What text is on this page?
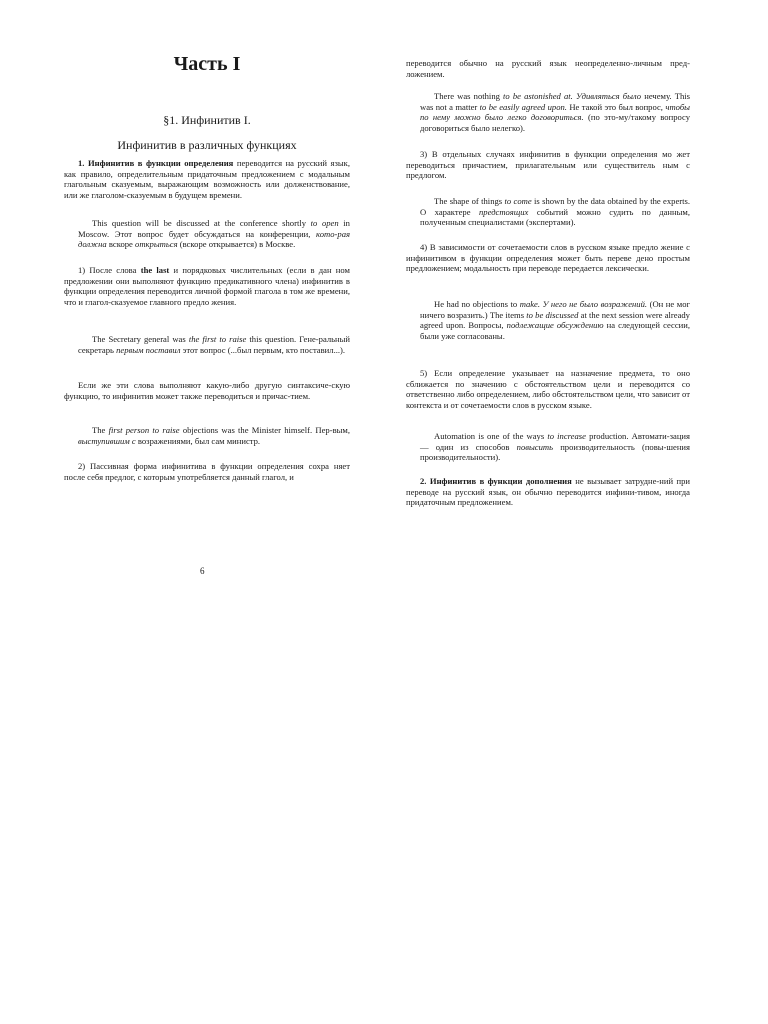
Часть I
§1. Инфинитив I.
Инфинитив в различных функциях

1. Инфинитив в функции определения переводится на русский язык, как правило, определительным придаточным предложением с модальным глагольным сказуемым, выражающим возможность или долженствование, или же глаголом-сказуемым в будущем времени.

This question will be discussed at the conference shortly to open in Moscow. Этот вопрос будет обсуждаться на конференции, кото-рая должна вскоре открыться (вскоре открывается) в Москве.

1) После слова the last и порядковых числительных (если в дан ном предложении они выполняют функцию предикативного члена) инфинитив в функции определения переводится личной формой глагола в том же времени, что и глагол-сказуемое главного предло жения.

The Secretary general was the first to raise this question. Гене-ральный секретарь первым поставил этот вопрос (...был первым, кто поставил...).

Если же эти слова выполняют какую-либо другую синтаксиче-скую функцию, то инфинитив может также переводиться и причас-тием.

The first person to raise objections was the Minister himself. Пер-вым, выступившим с возражениями, был сам министр.

2) Пассивная форма инфинитива в функции определения сохра няет после себя предлог, с которым употребляется данный глагол, и

6

переводится обычно на русский язык неопределенно-личным пред-ложением.

There was nothing to be astonished at. Удивляться было нечему. This was not a matter to be easily agreed upon. Не такой это был вопрос, чтобы по нему можно было легко договориться. (по это-му/такому вопросу договориться было нелегко).

3) В отдельных случаях инфинитив в функции определения мо жет переводиться причастием, прилагательным или существитель ным с предлогом.

The shape of things to come is shown by the data obtained by the experts. О характере предстоящих событий можно судить по данным, полученным специалистами (экспертами).

4) В зависимости от сочетаемости слов в русском языке предло жение с инфинитивом в функции определения может быть переве дено простым предложением; модальность при переводе передается лексически.

He had no objections to make. У него не было возражений. (Он не мог ничего возразить.) The items to be discussed at the next session were already agreed upon. Вопросы, подлежащие обсуждению на следующей сессии, были уже согласованы.

5) Если определение указывает на назначение предмета, то оно сближается по значению с обстоятельством цели и переводится со ответственно либо определением, либо обстоятельством цели, что зависит от контекста и от сочетаемости слов в русском языке.

Automation is one of the ways to increase production. Автомати-зация — один из способов повысить производительность (повы-шения производительности).

2. Инфинитив в функции дополнения не вызывает затрудне-ний при переводе на русский язык, он обычно переводится инфини-тивом, иногда придаточным предложением.
